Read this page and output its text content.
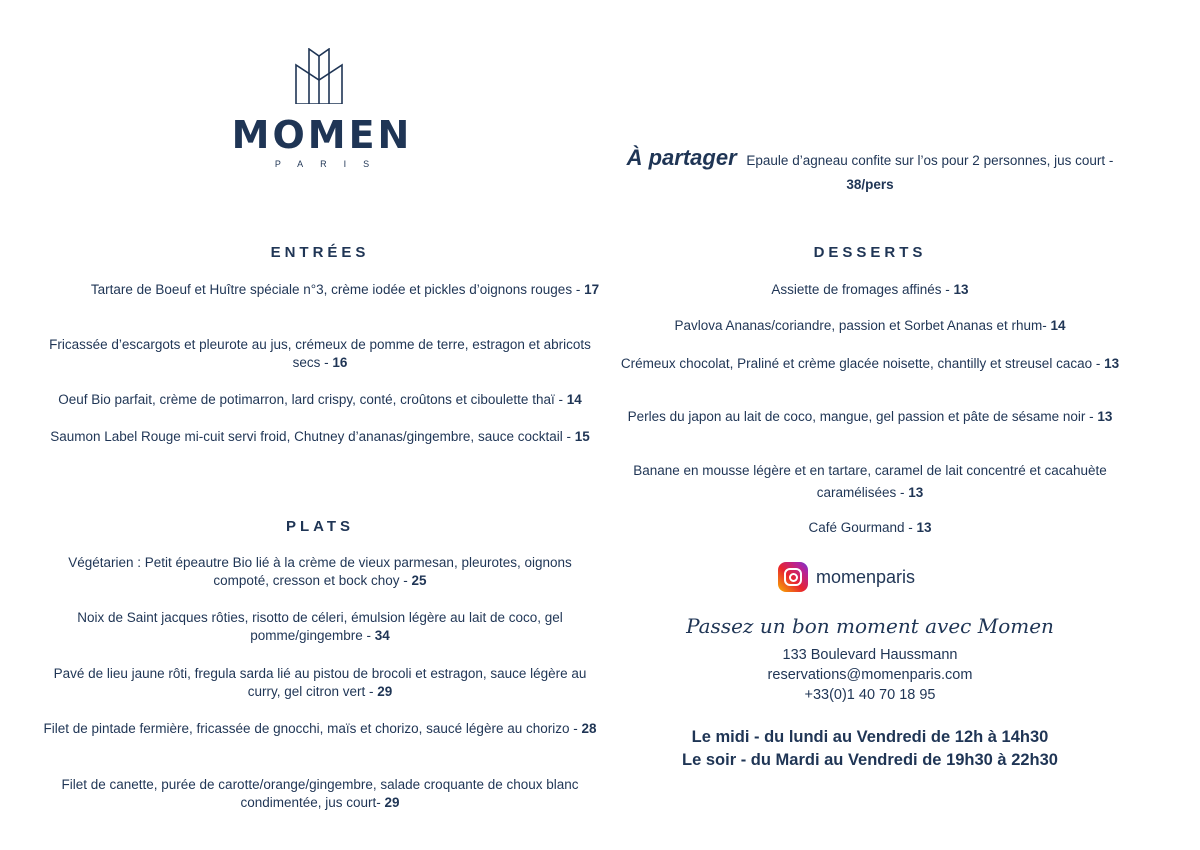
MOMEN
PARIS	À partager Epaule d’agneau confite sur l’os pour 2 personnes, jus court -
38/pers
ENTRÉES	DESSERTS
PLATS
Tartare de Boeuf et Huître spéciale n°3, crème iodée et pickles d’oignons rouges - 17
Fricassée d’escargots et pleurote au jus, crémeux de pomme de terre, estragon et abricots secs - 16
Oeuf Bio parfait, crème de potimarron, lard crispy, conté, croûtons et ciboulette thaï - 14
Saumon Label Rouge mi-cuit servi froid, Chutney d’ananas/gingembre, sauce cocktail - 15
Végétarien : Petit épeautre Bio lié à la crème de vieux parmesan, pleurotes, oignons compoté, cresson et bock choy - 25
Noix de Saint jacques rôties, risotto de céleri, émulsion légère au lait de coco, gel pomme/gingembre - 34
Pavé de lieu jaune rôti, fregula sarda lié au pistou de brocoli et estragon, sauce légère au curry, gel citron vert - 29
Filet de pintade fermière, fricassée de gnocchi, maïs et chorizo, saucé légère au chorizo - 28
Filet de canette, purée de carotte/orange/gingembre, salade croquante de choux blanc condimentée, jus court- 29
Assiette de fromages affinés - 13
Pavlova Ananas/coriandre, passion et Sorbet Ananas et rhum- 14
Crémeux chocolat, Praliné et crème glacée noisette, chantilly et streusel cacao - 13
Perles du japon au lait de coco, mangue, gel passion et pâte de sésame noir - 13
Banane en mousse légère et en tartare, caramel de lait concentré et cacahuète caramélisées - 13
Café Gourmand - 13
momenparis
Passez un bon moment avec Momen
133 Boulevard Haussmann
reservations@momenparis.com
+33(0)1 40 70 18 95
Le midi - du lundi au Vendredi de 12h à 14h30
Le soir - du Mardi au Vendredi de 19h30 à 22h30
